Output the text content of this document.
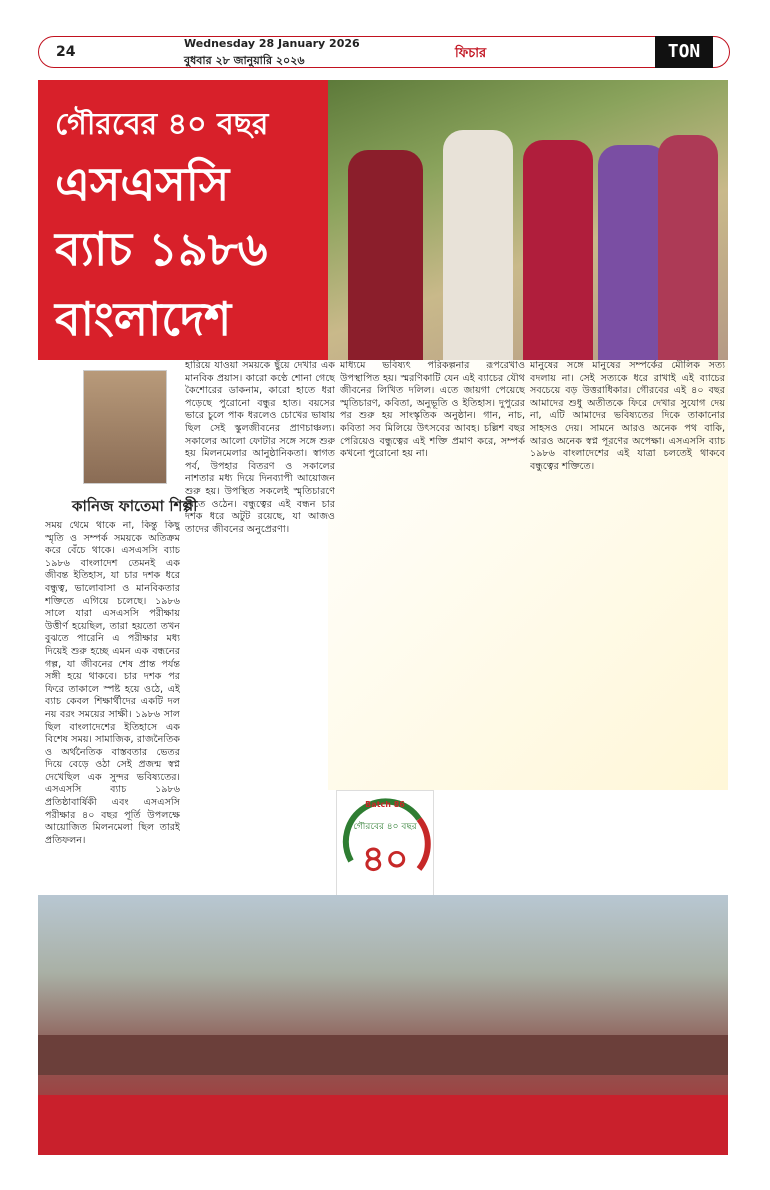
24
Wednesday 28 January 2026
বুধবার ২৮ জানুয়ারি ২০২৬	ফিচার	TON
গৌরবের ৪০ বছর
এসএসসি
ব্যাচ ১৯৮৬
বাংলাদেশ
কানিজ ফাতেমা শিল্পী
সময় থেমে থাকে না, কিন্তু কিছু স্মৃতি ও সম্পর্ক সময়কে অতিক্রম করে বেঁচে থাকে। এসএসসি ব্যাচ ১৯৮৬ বাংলাদেশ তেমনই এক জীবন্ত ইতিহাস, যা চার দশক ধরে বন্ধুত্ব, ভালোবাসা ও মানবিকতার শক্তিতে এগিয়ে চলেছে। ১৯৮৬ সালে যারা এসএসসি পরীক্ষায় উত্তীর্ণ হয়েছিল, তারা হয়তো তখন বুঝতে পারেনি এ পরীক্ষার মধ্য দিয়েই শুরু হচ্ছে এমন এক বন্ধনের গল্প, যা জীবনের শেষ প্রান্ত পর্যন্ত সঙ্গী হয়ে থাকবে। চার দশক পর ফিরে তাকালে স্পষ্ট হয়ে ওঠে, এই ব্যাচ কেবল শিক্ষার্থীদের একটি দল নয় বরং সময়ের সাক্ষী। ১৯৮৬ সাল ছিল বাংলাদেশের ইতিহাসে এক বিশেষ সময়। সামাজিক, রাজনৈতিক ও অর্থনৈতিক বাস্তবতার ভেতর দিয়ে বেড়ে ওঠা সেই প্রজন্ম স্বপ্ন দেখেছিল এক সুন্দর ভবিষ্যতের। এসএসসি ব্যাচ ১৯৮৬ প্রতিষ্ঠাবার্ষিকী এবং এসএসসি পরীক্ষার ৪০ বছর পূর্তি উপলক্ষে আয়োজিত মিলনমেলা ছিল তারই প্রতিফলন।
হারিয়ে যাওয়া সময়কে ছুঁয়ে দেখার এক মানবিক প্রয়াস। কারো কণ্ঠে শোনা গেছে কৈশোরের ডাকনাম, কারো হাতে ধরা পড়েছে পুরোনো বন্ধুর হাত। বয়সের ভারে চুলে পাক ধরলেও চোখের ভাষায় ছিল সেই স্কুলজীবনের প্রাণচাঞ্চল্য। সকালের আলো ফোটার সঙ্গে সঙ্গে শুরু হয় মিলনমেলার আনুষ্ঠানিকতা। স্বাগত পর্ব, উপহার বিতরণ ও সকালের নাশতার মধ্য দিয়ে দিনব্যাপী আয়োজন শুরু হয়। উপস্থিত সকলেই স্মৃতিচারণে মেতে ওঠেন। বন্ধুত্বের এই বন্ধন চার দশক ধরে অটুট রয়েছে, যা আজও তাদের জীবনের অনুপ্রেরণা।
মাধ্যমে ভবিষ্যৎ পরিকল্পনার রূপরেখাও উপস্থাপিত হয়। স্মরণিকাটি যেন এই ব্যাচের যৌথ জীবনের লিখিত দলিল। এতে জায়গা পেয়েছে স্মৃতিচারণ, কবিতা, অনুভূতি ও ইতিহাস। দুপুরের পর শুরু হয় সাংস্কৃতিক অনুষ্ঠান। গান, নাচ, কবিতা সব মিলিয়ে উৎসবের আবহ। চল্লিশ বছর পেরিয়েও বন্ধুত্বের এই শক্তি প্রমাণ করে, সম্পর্ক কখনো পুরোনো হয় না।
মানুষের সঙ্গে মানুষের সম্পর্কের মৌলিক সত্য বদলায় না। সেই সত্যকে ধরে রাখাই এই ব্যাচের সবচেয়ে বড় উত্তরাধিকার। গৌরবের এই ৪০ বছর আমাদের শুধু অতীতকে ফিরে দেখার সুযোগ দেয় না, এটি আমাদের ভবিষ্যতের দিকে তাকানোর সাহসও দেয়। সামনে আরও অনেক পথ বাকি, আরও অনেক স্বপ্ন পূরণের অপেক্ষা। এসএসসি ব্যাচ ১৯৮৬ বাংলাদেশের এই যাত্রা চলতেই থাকবে বন্ধুত্বের শক্তিতে।
Batch 86
গৌরবের ৪০ বছর
৪০
